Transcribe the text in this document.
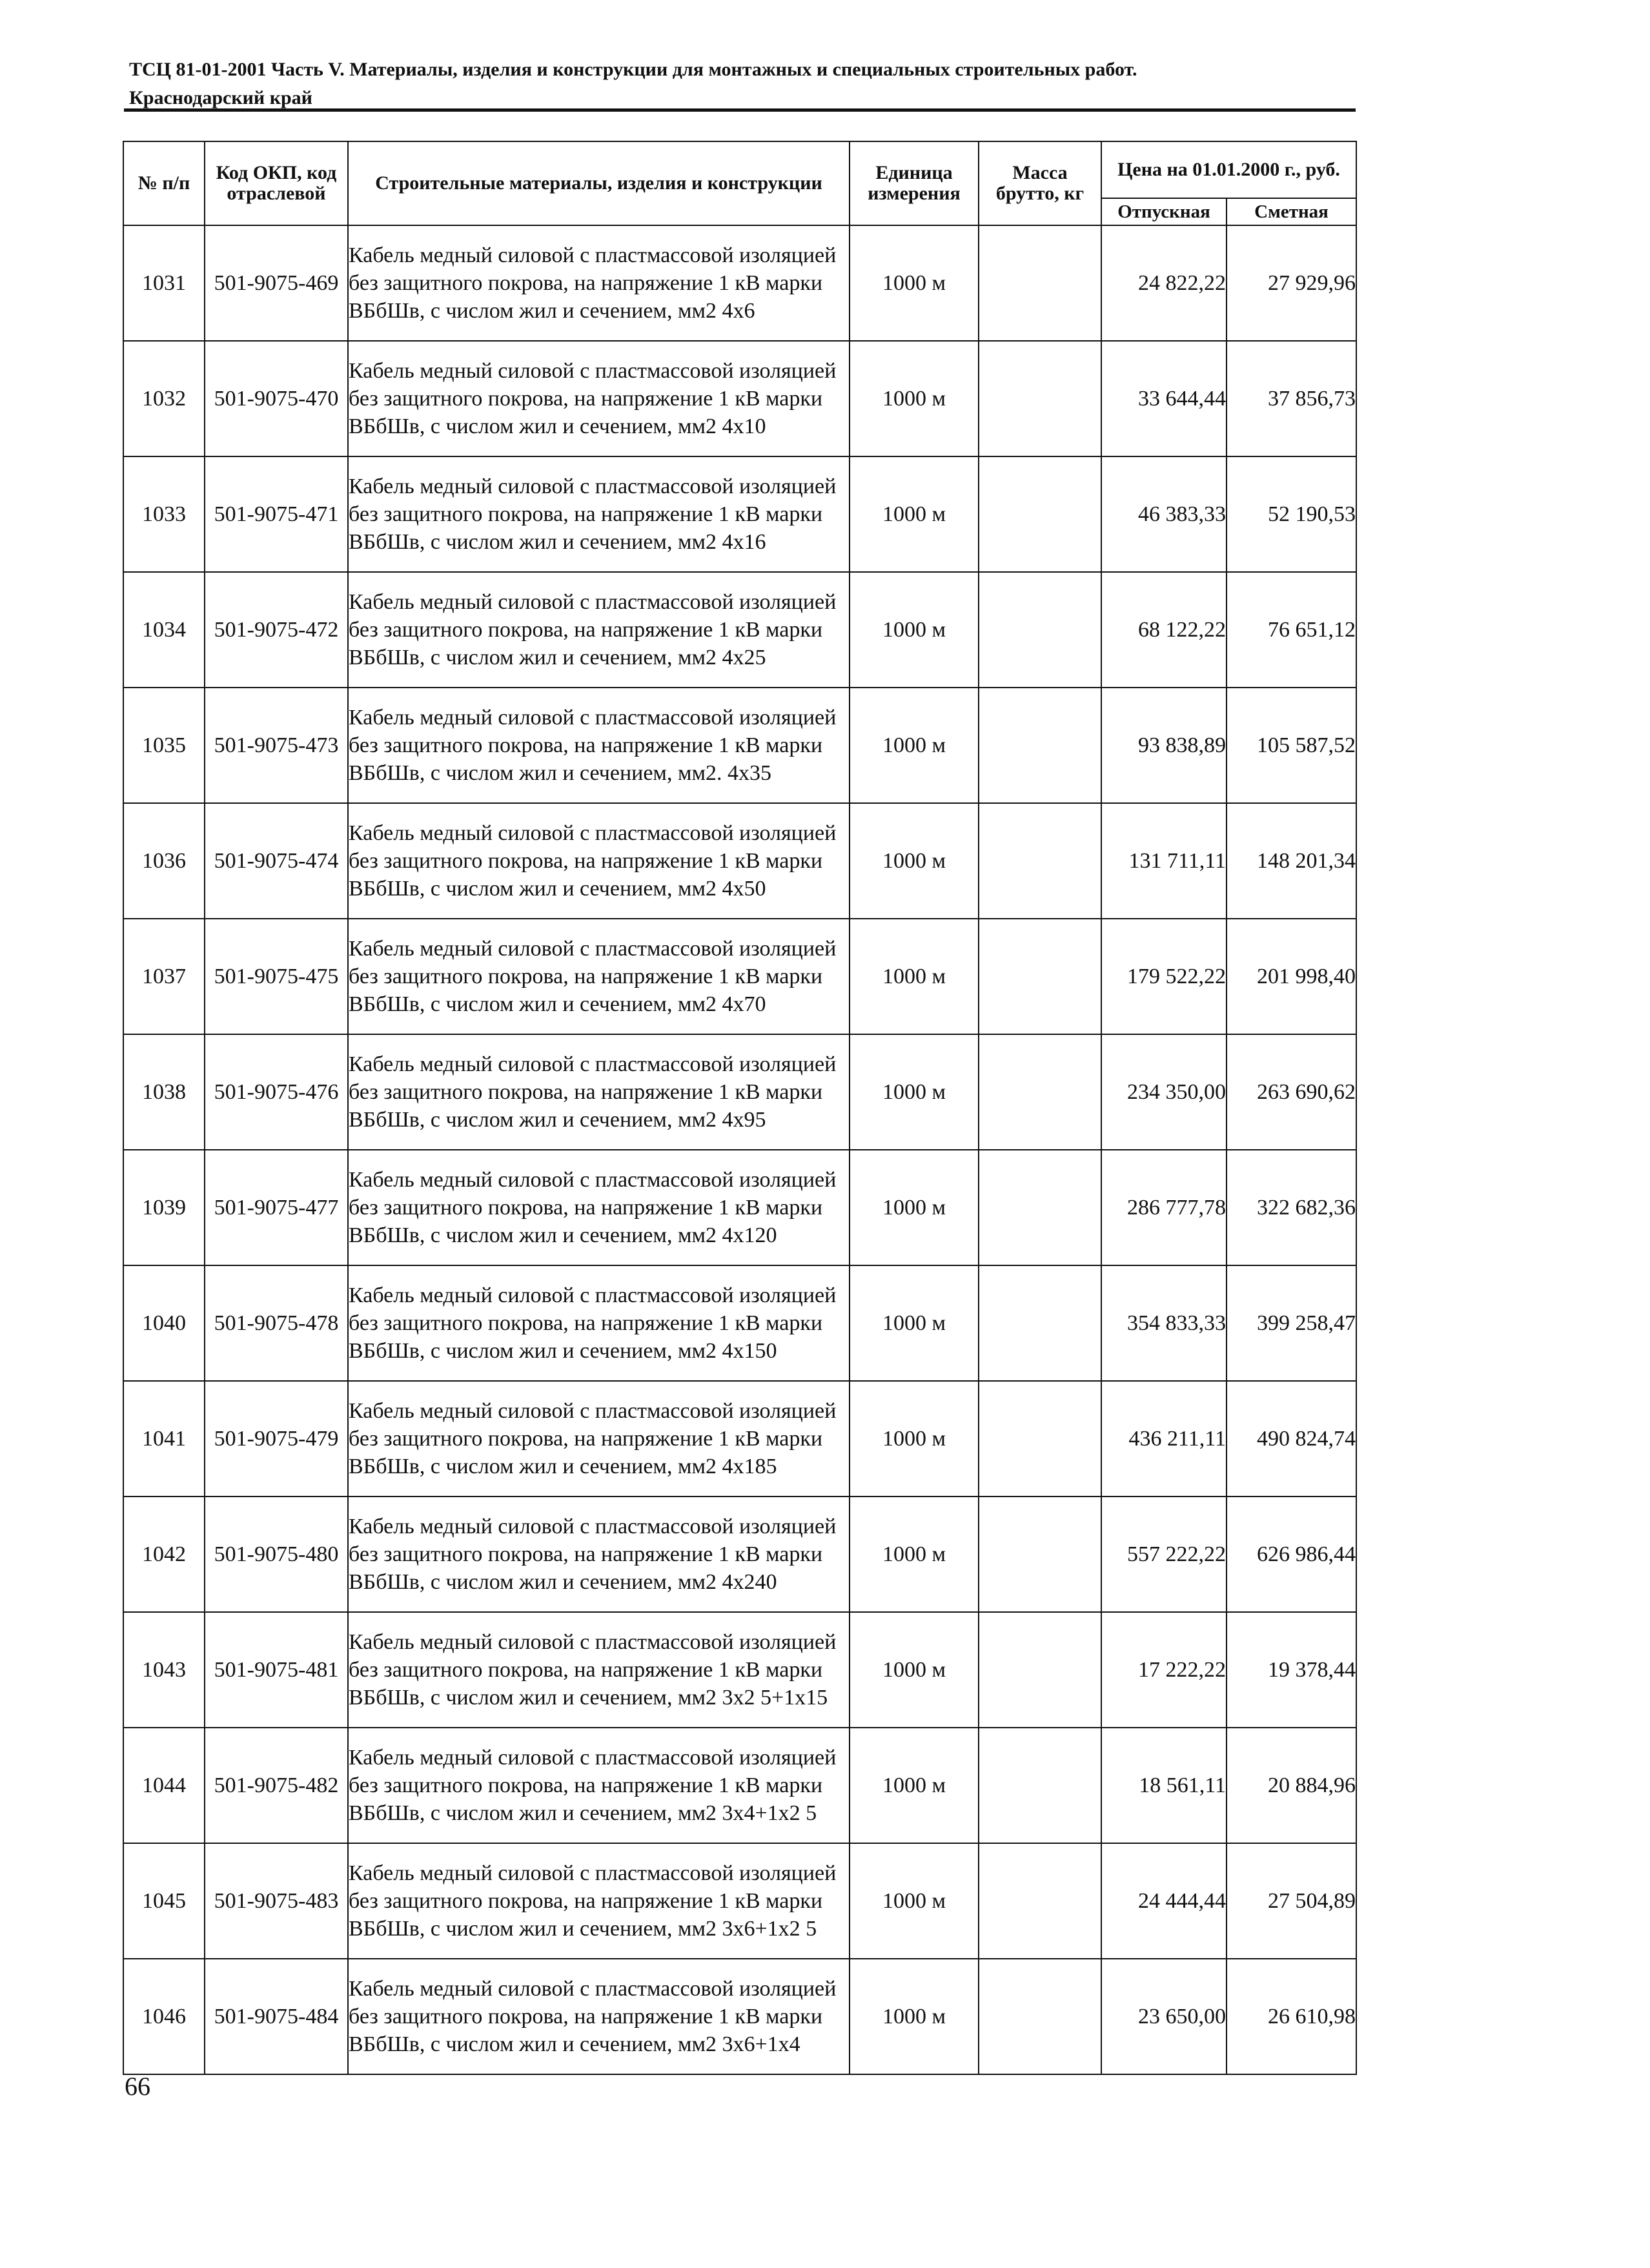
ТСЦ 81-01-2001 Часть V. Материалы, изделия и конструкции для монтажных и специальных строительных работ.
Краснодарский край
№ п/п	Код ОКП, код отраслевой	Строительные материалы, изделия и конструкции	Единица измерения	Масса брутто, кг	Цена на 01.01.2000 г., руб.	
					Отпускная	Сметная
1031	501-9075-469	Кабель медный силовой с пластмассовой изоляцией без защитного покрова, на напряжение 1 кВ марки ВБбШв, с числом жил и сечением, мм2 4х6	1000 м		24 822,22	27 929,96
1032	501-9075-470	Кабель медный силовой с пластмассовой изоляцией без защитного покрова, на напряжение 1 кВ марки ВБбШв, с числом жил и сечением, мм2 4х10	1000 м		33 644,44	37 856,73
1033	501-9075-471	Кабель медный силовой с пластмассовой изоляцией без защитного покрова, на напряжение 1 кВ марки ВБбШв, с числом жил и сечением, мм2 4х16	1000 м		46 383,33	52 190,53
1034	501-9075-472	Кабель медный силовой с пластмассовой изоляцией без защитного покрова, на напряжение 1 кВ марки ВБбШв, с числом жил и сечением, мм2 4х25	1000 м		68 122,22	76 651,12
1035	501-9075-473	Кабель медный силовой с пластмассовой изоляцией без защитного покрова, на напряжение 1 кВ марки ВБбШв, с числом жил и сечением, мм2. 4х35	1000 м		93 838,89	105 587,52
1036	501-9075-474	Кабель медный силовой с пластмассовой изоляцией без защитного покрова, на напряжение 1 кВ марки ВБбШв, с числом жил и сечением, мм2 4х50	1000 м		131 711,11	148 201,34
1037	501-9075-475	Кабель медный силовой с пластмассовой изоляцией без защитного покрова, на напряжение 1 кВ марки ВБбШв, с числом жил и сечением, мм2 4х70	1000 м		179 522,22	201 998,40
1038	501-9075-476	Кабель медный силовой с пластмассовой изоляцией без защитного покрова, на напряжение 1 кВ марки ВБбШв, с числом жил и сечением, мм2 4х95	1000 м		234 350,00	263 690,62
1039	501-9075-477	Кабель медный силовой с пластмассовой изоляцией без защитного покрова, на напряжение 1 кВ марки ВБбШв, с числом жил и сечением, мм2 4х120	1000 м		286 777,78	322 682,36
1040	501-9075-478	Кабель медный силовой с пластмассовой изоляцией без защитного покрова, на напряжение 1 кВ марки ВБбШв, с числом жил и сечением, мм2 4х150	1000 м		354 833,33	399 258,47
1041	501-9075-479	Кабель медный силовой с пластмассовой изоляцией без защитного покрова, на напряжение 1 кВ марки ВБбШв, с числом жил и сечением, мм2 4х185	1000 м		436 211,11	490 824,74
1042	501-9075-480	Кабель медный силовой с пластмассовой изоляцией без защитного покрова, на напряжение 1 кВ марки ВБбШв, с числом жил и сечением, мм2 4х240	1000 м		557 222,22	626 986,44
1043	501-9075-481	Кабель медный силовой с пластмассовой изоляцией без защитного покрова, на напряжение 1 кВ марки ВБбШв, с числом жил и сечением, мм2 3х2 5+1х15	1000 м		17 222,22	19 378,44
1044	501-9075-482	Кабель медный силовой с пластмассовой изоляцией без защитного покрова, на напряжение 1 кВ марки ВБбШв, с числом жил и сечением, мм2 3х4+1х2 5	1000 м		18 561,11	20 884,96
1045	501-9075-483	Кабель медный силовой с пластмассовой изоляцией без защитного покрова, на напряжение 1 кВ марки ВБбШв, с числом жил и сечением, мм2 3х6+1х2 5	1000 м		24 444,44	27 504,89
1046	501-9075-484	Кабель медный силовой с пластмассовой изоляцией без защитного покрова, на напряжение 1 кВ марки ВБбШв, с числом жил и сечением, мм2 3х6+1х4	1000 м		23 650,00	26 610,98
66
